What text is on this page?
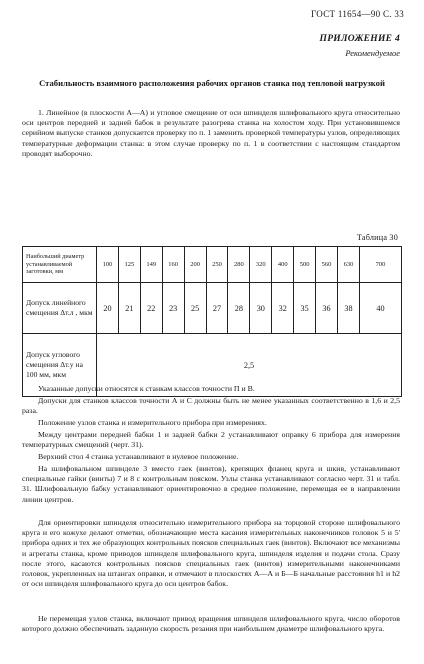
ГОСТ 11654—90 С. 33
ПРИЛОЖЕНИЕ 4
Рекомендуемое
Стабильность взаимного расположения рабочих органов станка под тепловой нагрузкой
1. Линейное (в плоскости А—А) и угловое смещение от оси шпинделя шлифовального круга относительно оси центров передней и задней бабок в результате разогрева станка на холостом ходу. При установившемся серийном выпуске станков допускается проверку по п. 1 заменить проверкой температуры узлов, определяющих температурные деформации станка: в этом случае проверку по п. 1 в соответствии с настоящим стандартом проводят выборочно.
Таблица 30
Наибольший диаметр устанавливаемой заготовки, мм	100	125	149	160	200	250	280	320	400	500	560	630	700
Допуск линейного смещения Δт.л , мкм	20	21	22	23	25	27	28	30	32	35	36	38	40
Допуск углового смещения Δт.у на 100 мм, мкм	2,5												
Указанные допуски относятся к станкам классов точности П и В.
Допуски для станков классов точности А и С должны быть не менее указанных соответственно в 1,6 и 2,5 раза.
Положение узлов станка и измерительного прибора при измерениях.
Между центрами передней бабки 1 и задней бабки 2 устанавливают оправку 6 прибора для измерения температурных смещений (черт. 31).
Верхний стол 4 станка устанавливают в нулевое положение.
На шлифовальном шпинделе 3 вместо гаек (винтов), крепящих фланец круга и шкив, устанавливают специальные гайки (винты) 7 и 8 с контрольным пояском. Узлы станка устанавливают согласно черт. 31 и табл. 31. Шлифовальную бабку устанавливают ориентировочно в среднее положение, перемещая ее в направлении линии центров.
Для ориентировки шпинделя относительно измерительного прибора на торцовой стороне шлифовального круга и его кожухе делают отметки, обозначающие места касания измерительных наконечников головок 5 и 5' прибора одних и тех же образующих контрольных поясков специальных гаек (винтов). Включают все механизмы и агрегаты станка, кроме приводов шпинделя шлифовального круга, шпинделя изделия и подачи стола. Сразу после этого, касаются контрольных поясков специальных гаек (винтов) измерительными наконечниками головок, укрепленных на штангах оправки, и отмечают в плоскостях А—А и Б—Б начальные расстояния h1 и h2 от оси шпинделя шлифовального круга до оси центров бабок.
Не перемещая узлов станка, включают привод вращения шпинделя шлифовального круга, число оборотов которого должно обеспечивать заданную скорость резания при наибольшем диаметре шлифовального круга.
